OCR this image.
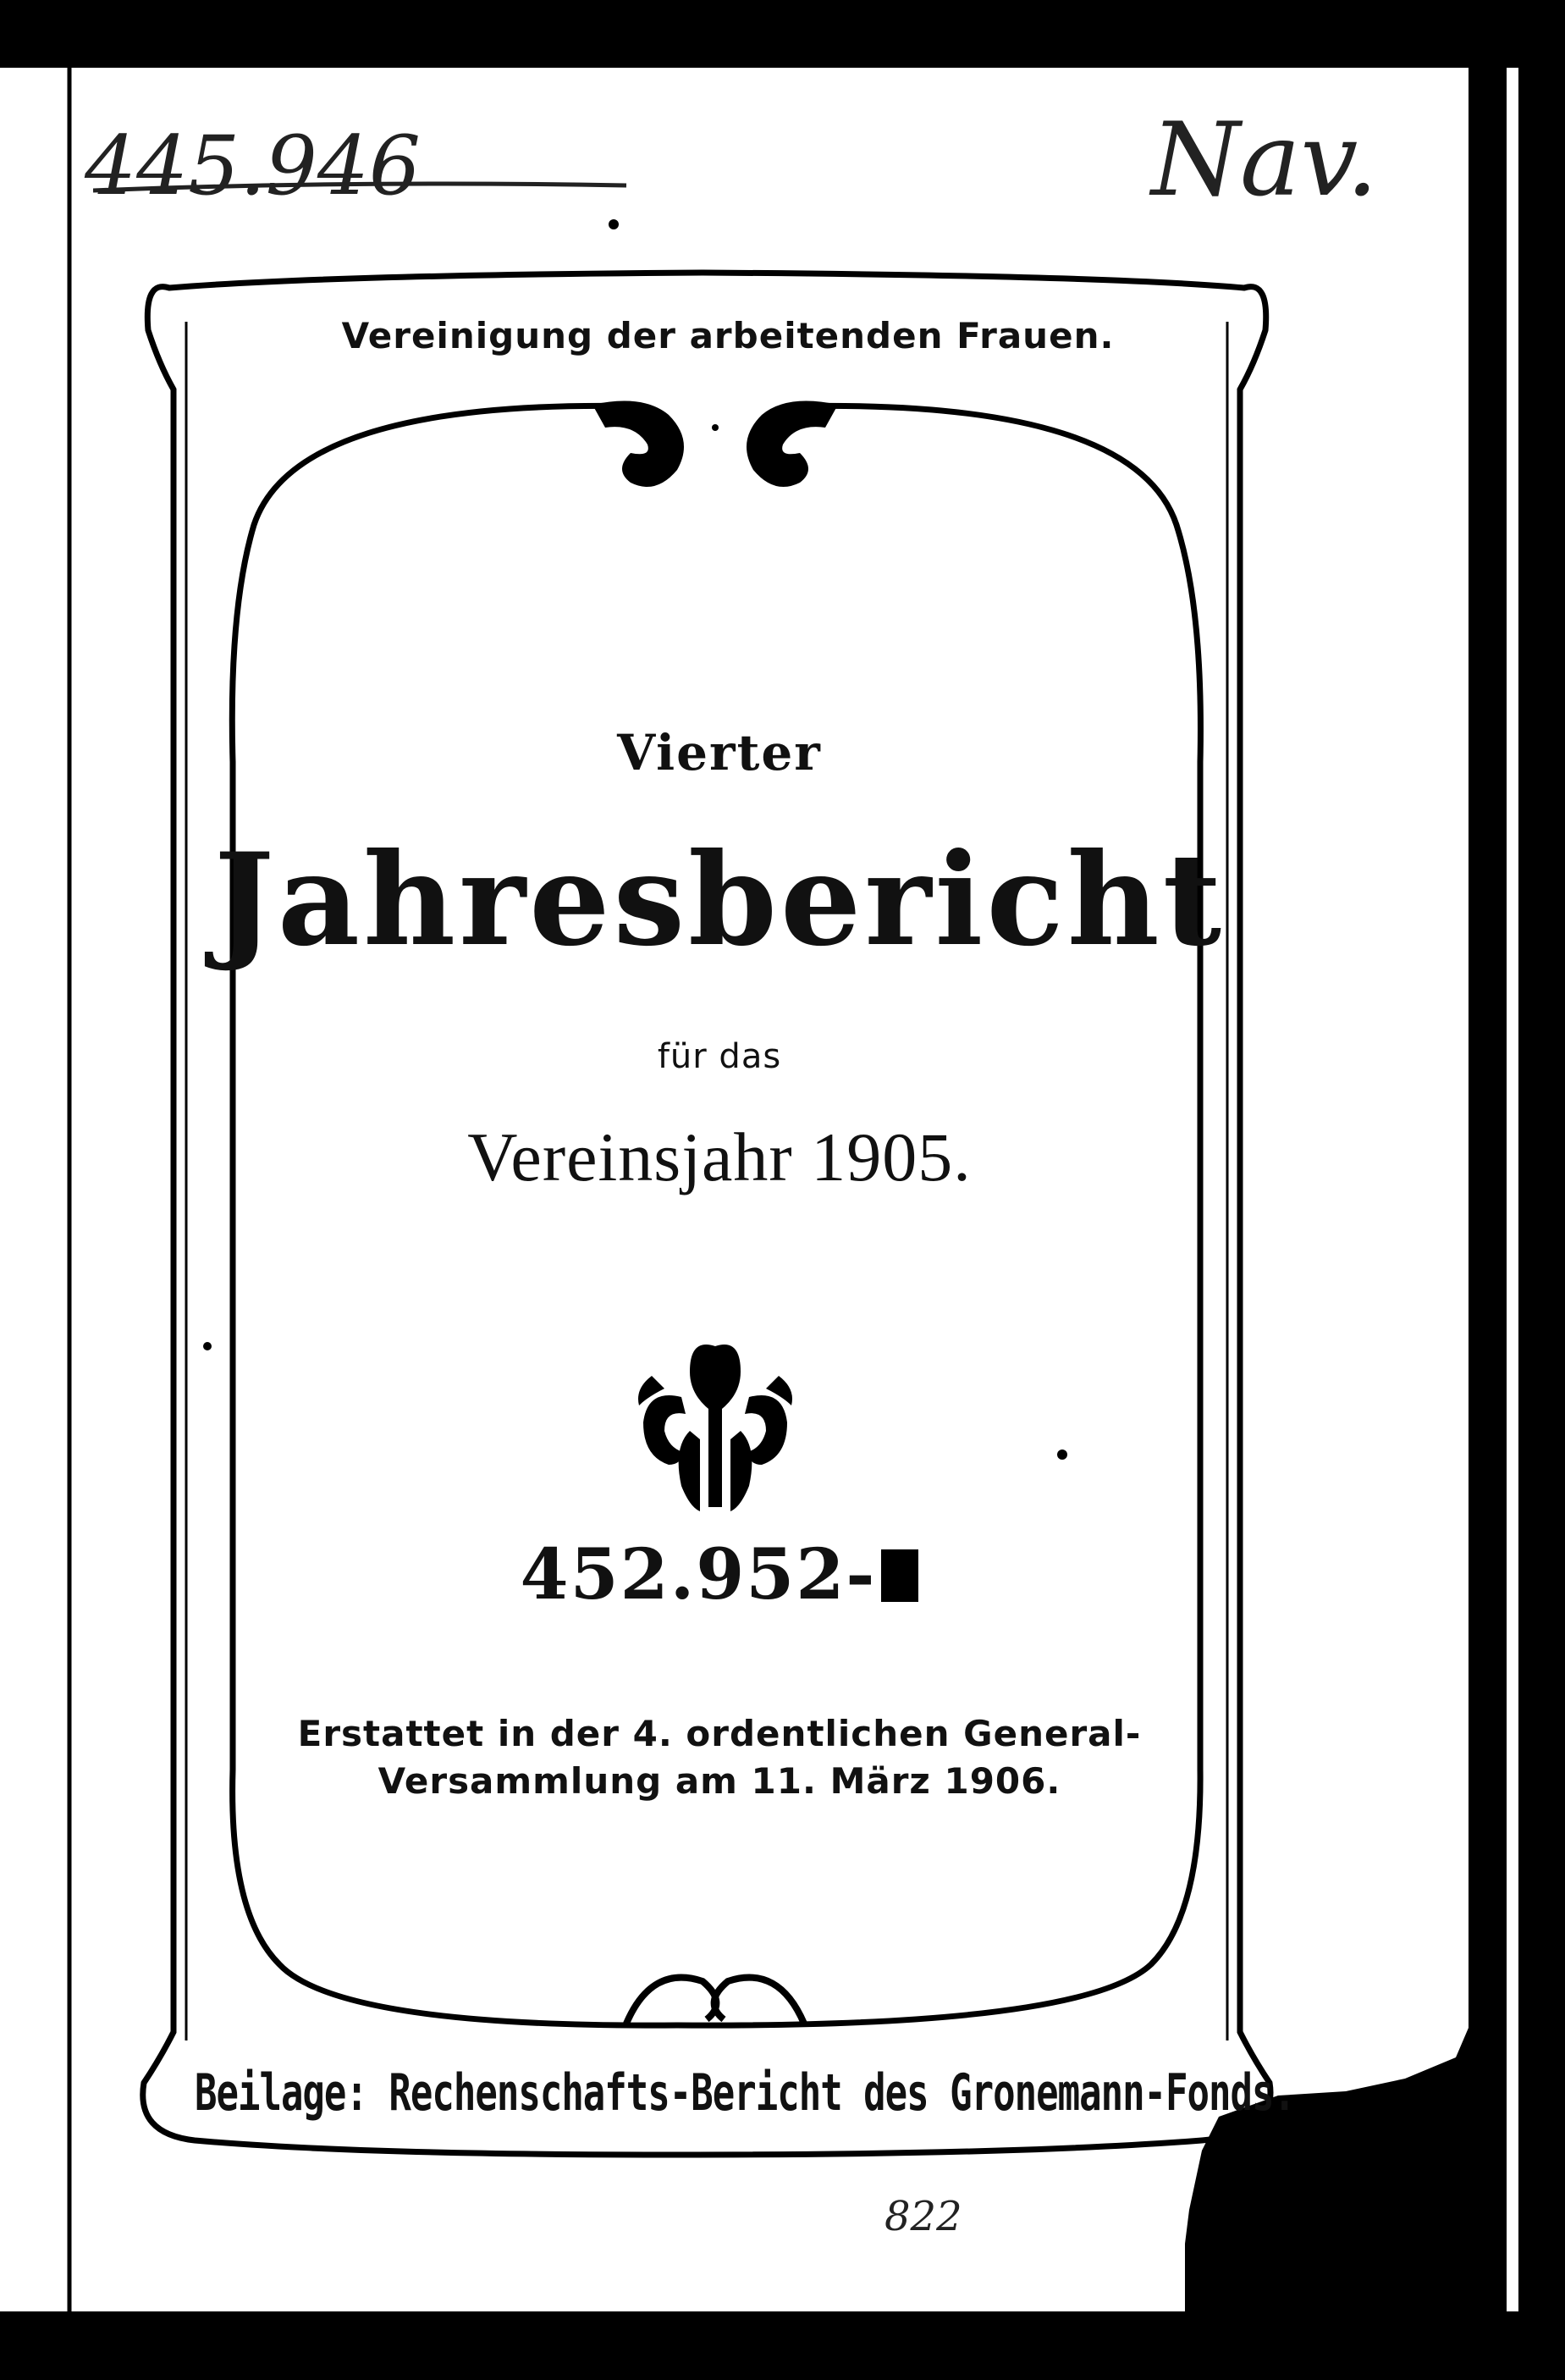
445.946	Nav.
822
Vereinigung der arbeitenden Frauen.
Vierter
Jahresbericht
für das
Vereinsjahr 1905.
452.952-
Erstattet in der 4. ordentlichen General-
Versammlung am 11. März 1906.
Beilage: Rechenschafts-Bericht des Gronemann-Fonds.
